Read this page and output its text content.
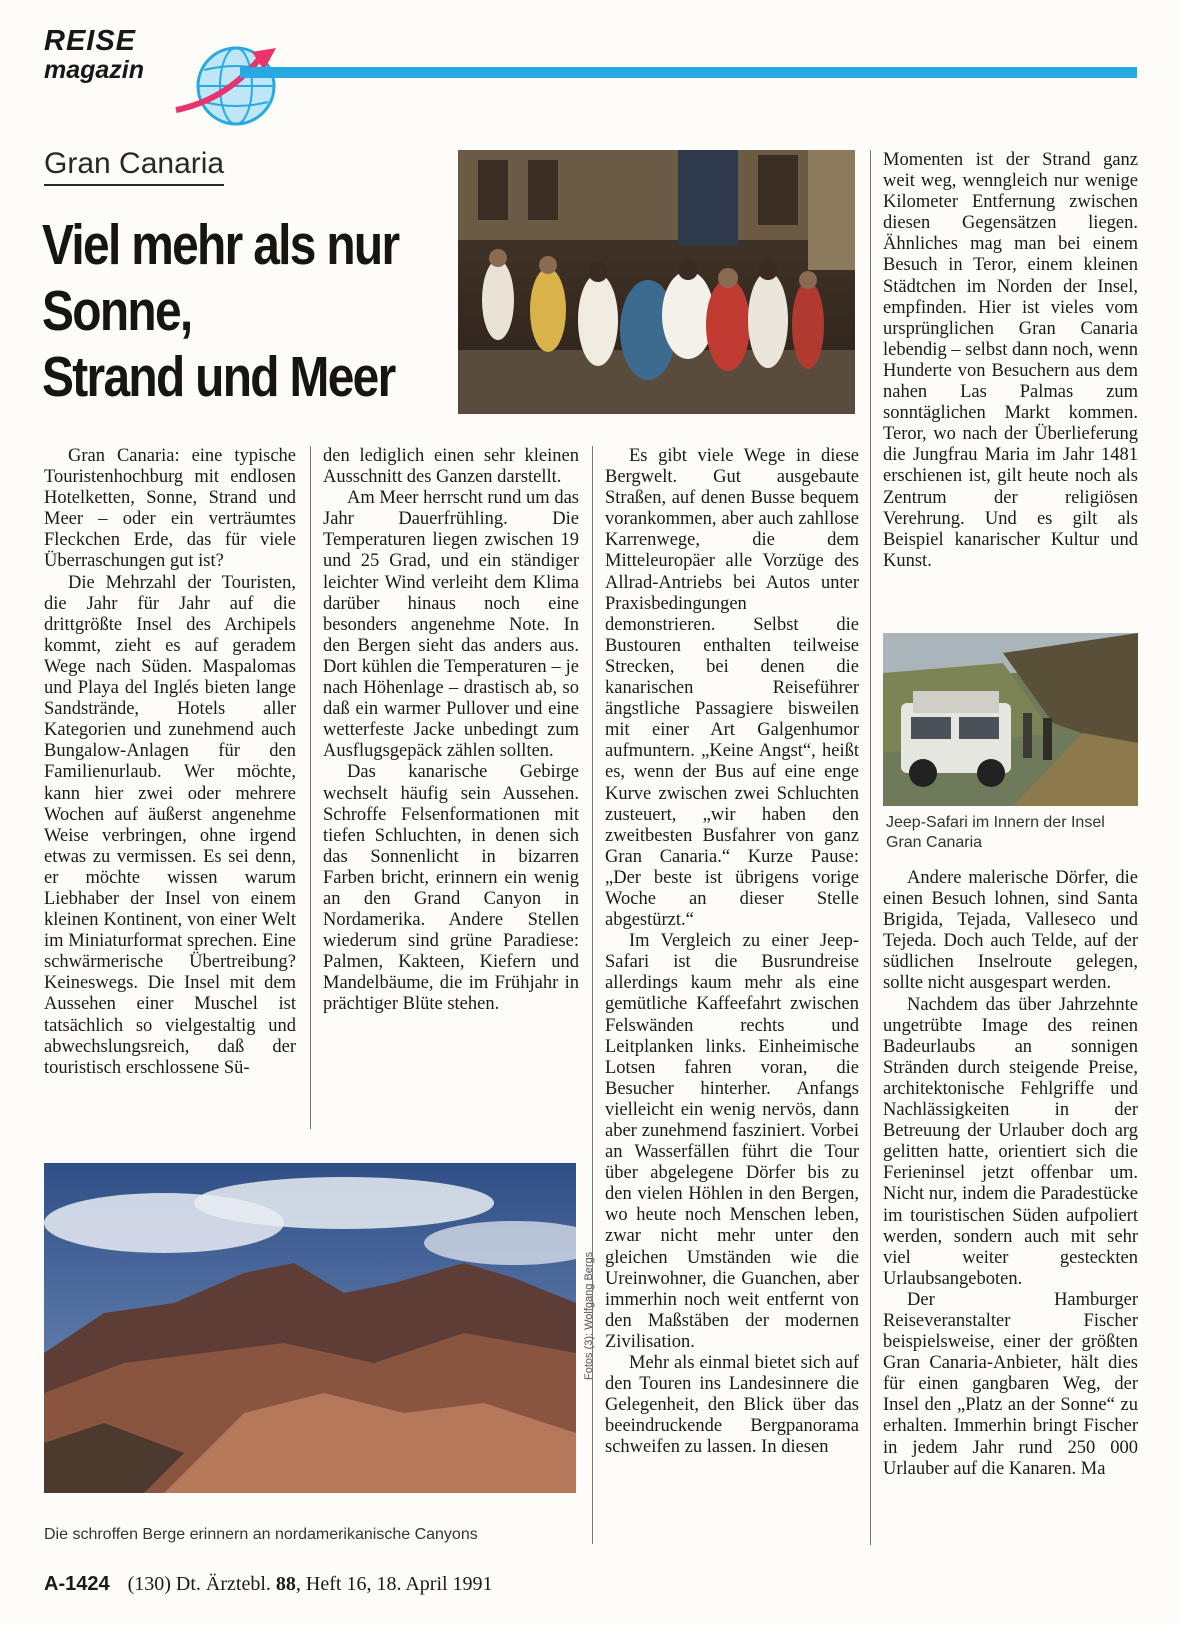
REISE
magazin
Gran Canaria
Viel mehr als nur
Sonne,
Strand und Meer

Gran Canaria: eine typische Touristenhochburg mit endlosen Hotelketten, Sonne, Strand und Meer – oder ein verträumtes Fleckchen Erde, das für viele Überraschungen gut ist?

Die Mehrzahl der Touristen, die Jahr für Jahr auf die drittgrößte Insel des Archipels kommt, zieht es auf geradem Wege nach Süden. Maspalomas und Playa del Inglés bieten lange Sandstrände, Hotels aller Kategorien und zunehmend auch Bungalow-Anlagen für den Familienurlaub. Wer möchte, kann hier zwei oder mehrere Wochen auf äußerst angenehme Weise verbringen, ohne irgend etwas zu vermissen. Es sei denn, er möchte wissen warum Liebhaber der Insel von einem kleinen Kontinent, von einer Welt im Miniaturformat sprechen. Eine schwärmerische Übertreibung? Keineswegs. Die Insel mit dem Aussehen einer Muschel ist tatsächlich so vielgestaltig und abwechslungsreich, daß der touristisch erschlossene Sü-

den lediglich einen sehr kleinen Ausschnitt des Ganzen darstellt.

Am Meer herrscht rund um das Jahr Dauerfrühling. Die Temperaturen liegen zwischen 19 und 25 Grad, und ein ständiger leichter Wind verleiht dem Klima darüber hinaus noch eine besonders angenehme Note. In den Bergen sieht das anders aus. Dort kühlen die Temperaturen – je nach Höhenlage – drastisch ab, so daß ein warmer Pullover und eine wetterfeste Jacke unbedingt zum Ausflugsgepäck zählen sollten.

Das kanarische Gebirge wechselt häufig sein Aussehen. Schroffe Felsenformationen mit tiefen Schluchten, in denen sich das Sonnenlicht in bizarren Farben bricht, erinnern ein wenig an den Grand Canyon in Nordamerika. Andere Stellen wiederum sind grüne Paradiese: Palmen, Kakteen, Kiefern und Mandelbäume, die im Frühjahr in prächtiger Blüte stehen.

Es gibt viele Wege in diese Bergwelt. Gut ausgebaute Straßen, auf denen Busse bequem vorankommen, aber auch zahllose Karrenwege, die dem Mitteleuropäer alle Vorzüge des Allrad-Antriebs bei Autos unter Praxisbedingungen demonstrieren. Selbst die Bustouren enthalten teilweise Strecken, bei denen die kanarischen Reiseführer ängstliche Passagiere bisweilen mit einer Art Galgenhumor aufmuntern. „Keine Angst“, heißt es, wenn der Bus auf eine enge Kurve zwischen zwei Schluchten zusteuert, „wir haben den zweitbesten Busfahrer von ganz Gran Canaria.“ Kurze Pause: „Der beste ist übrigens vorige Woche an dieser Stelle abgestürzt.“

Im Vergleich zu einer Jeep-Safari ist die Busrundreise allerdings kaum mehr als eine gemütliche Kaffeefahrt zwischen Felswänden rechts und Leitplanken links. Einheimische Lotsen fahren voran, die Besucher hinterher. Anfangs vielleicht ein wenig nervös, dann aber zunehmend fasziniert. Vorbei an Wasserfällen führt die Tour über abgelegene Dörfer bis zu den vielen Höhlen in den Bergen, wo heute noch Menschen leben, zwar nicht mehr unter den gleichen Umständen wie die Ureinwohner, die Guanchen, aber immerhin noch weit entfernt von den Maßstäben der modernen Zivilisation.

Mehr als einmal bietet sich auf den Touren ins Landesinnere die Gelegenheit, den Blick über das beeindruckende Bergpanorama schweifen zu lassen. In diesen

Momenten ist der Strand ganz weit weg, wenngleich nur wenige Kilometer Entfernung zwischen diesen Gegensätzen liegen. Ähnliches mag man bei einem Besuch in Teror, einem kleinen Städtchen im Norden der Insel, empfinden. Hier ist vieles vom ursprünglichen Gran Canaria lebendig – selbst dann noch, wenn Hunderte von Besuchern aus dem nahen Las Palmas zum sonntäglichen Markt kommen. Teror, wo nach der Überlieferung die Jungfrau Maria im Jahr 1481 erschienen ist, gilt heute noch als Zentrum der religiösen Verehrung. Und es gilt als Beispiel kanarischer Kultur und Kunst.

Jeep-Safari im Innern der Insel Gran Canaria

Andere malerische Dörfer, die einen Besuch lohnen, sind Santa Brigida, Tejada, Valleseco und Tejeda. Doch auch Telde, auf der südlichen Inselroute gelegen, sollte nicht ausgespart werden.

Nachdem das über Jahrzehnte ungetrübte Image des reinen Badeurlaubs an sonnigen Stränden durch steigende Preise, architektonische Fehlgriffe und Nachlässigkeiten in der Betreuung der Urlauber doch arg gelitten hatte, orientiert sich die Ferieninsel jetzt offenbar um. Nicht nur, indem die Paradestücke im touristischen Süden aufpoliert werden, sondern auch mit sehr viel weiter gesteckten Urlaubsangeboten.

Der Hamburger Reiseveranstalter Fischer beispielsweise, einer der größten Gran Canaria-Anbieter, hält dies für einen gangbaren Weg, der Insel den „Platz an der Sonne“ zu erhalten. Immerhin bringt Fischer in jedem Jahr rund 250 000 Urlauber auf die Kanaren. Ma

Fotos (3): Wolfgang Bergs
Die schroffen Berge erinnern an nordamerikanische Canyons
A-1424 (130) Dt. Ärztebl. 88, Heft 16, 18. April 1991
